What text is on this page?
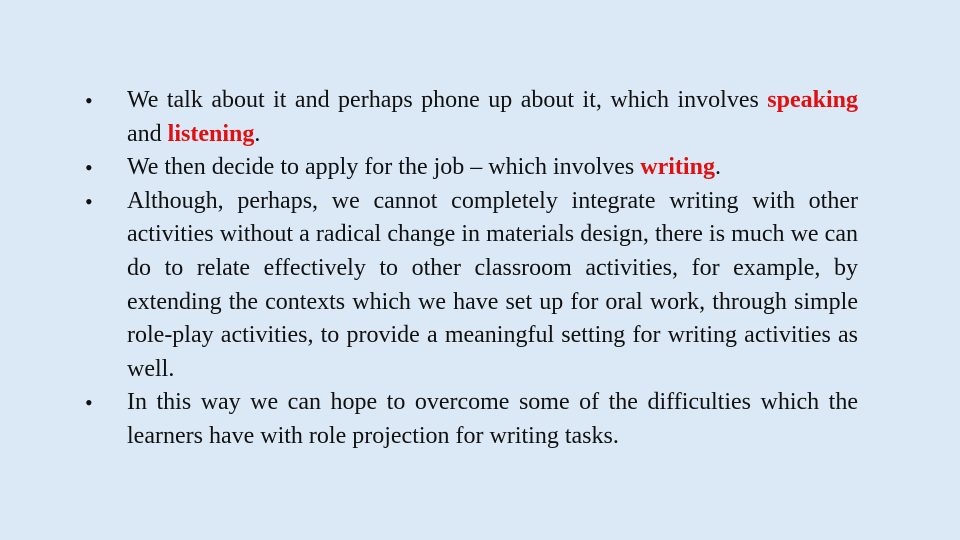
• We talk about it and perhaps phone up about it, which involves speaking and listening.
• We then decide to apply for the job – which involves writing.
• Although, perhaps, we cannot completely integrate writing with other activities without a radical change in materials design, there is much we can do to relate effectively to other classroom activities, for example, by extending the contexts which we have set up for oral work, through simple role-play activities, to provide a meaningful setting for writing activities as well.
• In this way we can hope to overcome some of the difficulties which the learners have with role projection for writing tasks.
